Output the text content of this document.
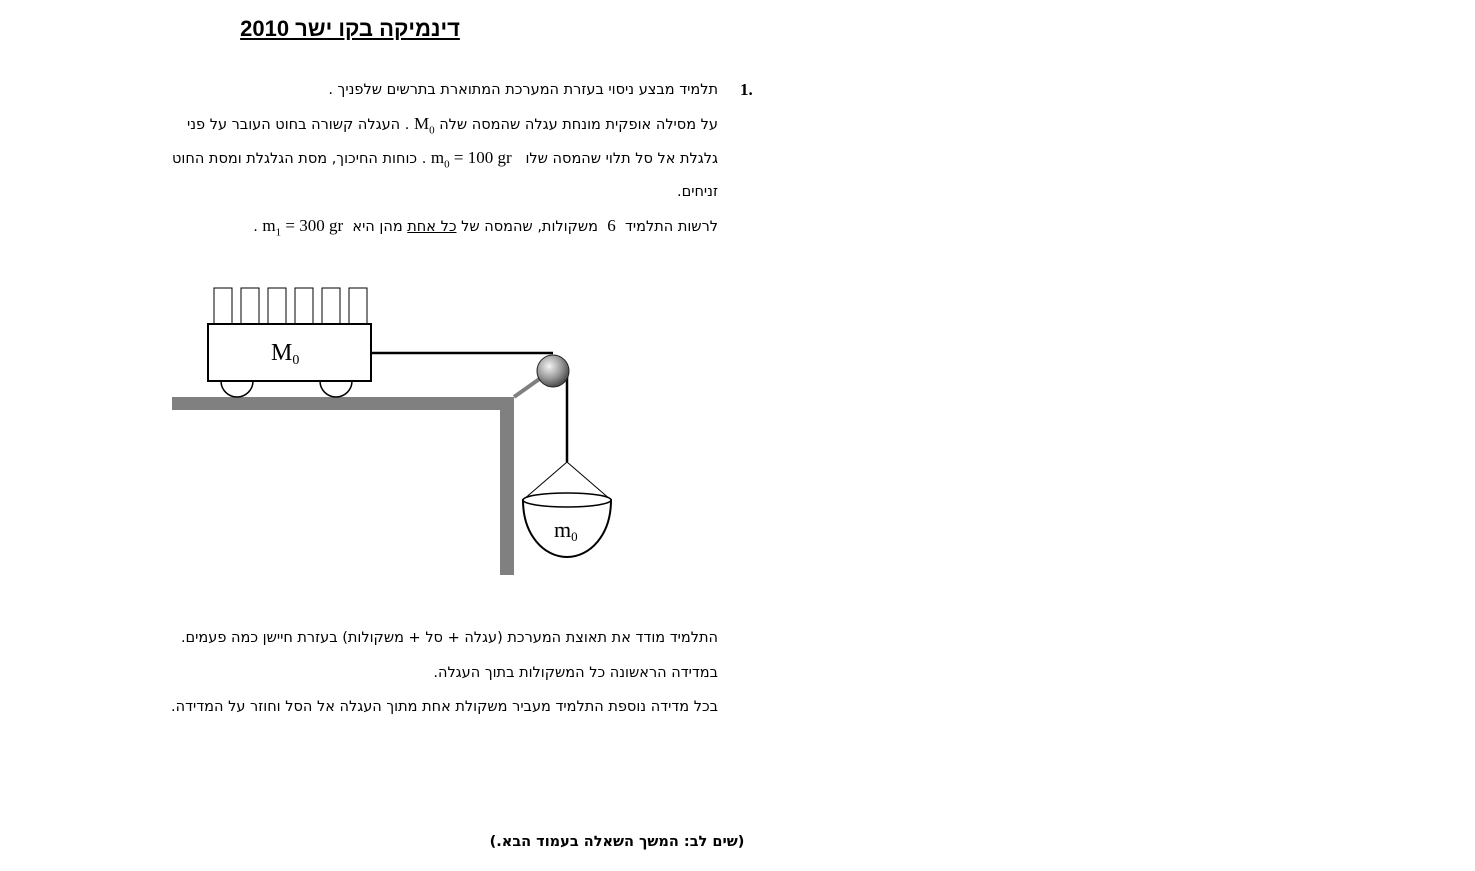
דינמיקה בקו ישר 2010
1.
תלמיד מבצע ניסוי בעזרת המערכת המתוארת בתרשים שלפניך .
על מסילה אופקית מונחת עגלה שהמסה שלה $M_0$ . העגלה קשורה בחוט העובר על פני
גלגלת אל סל תלוי שהמסה שלו   $m_0 = 100$ gr . כוחות החיכוך, מסת הגלגלת ומסת החוט
זניחים.
לרשות התלמיד  6  משקולות, שהמסה של כל אחת מהן היא  $m_1 = 300$ gr .
M0
m0
התלמיד מודד את תאוצת המערכת (עגלה + סל + משקולות) בעזרת חיישן כמה פעמים.
במדידה הראשונה כל המשקולות בתוך העגלה.
בכל מדידה נוספת התלמיד מעביר משקולת אחת מתוך העגלה אל הסל וחוזר על המדידה.
(שים לב: המשך השאלה בעמוד הבא.)
